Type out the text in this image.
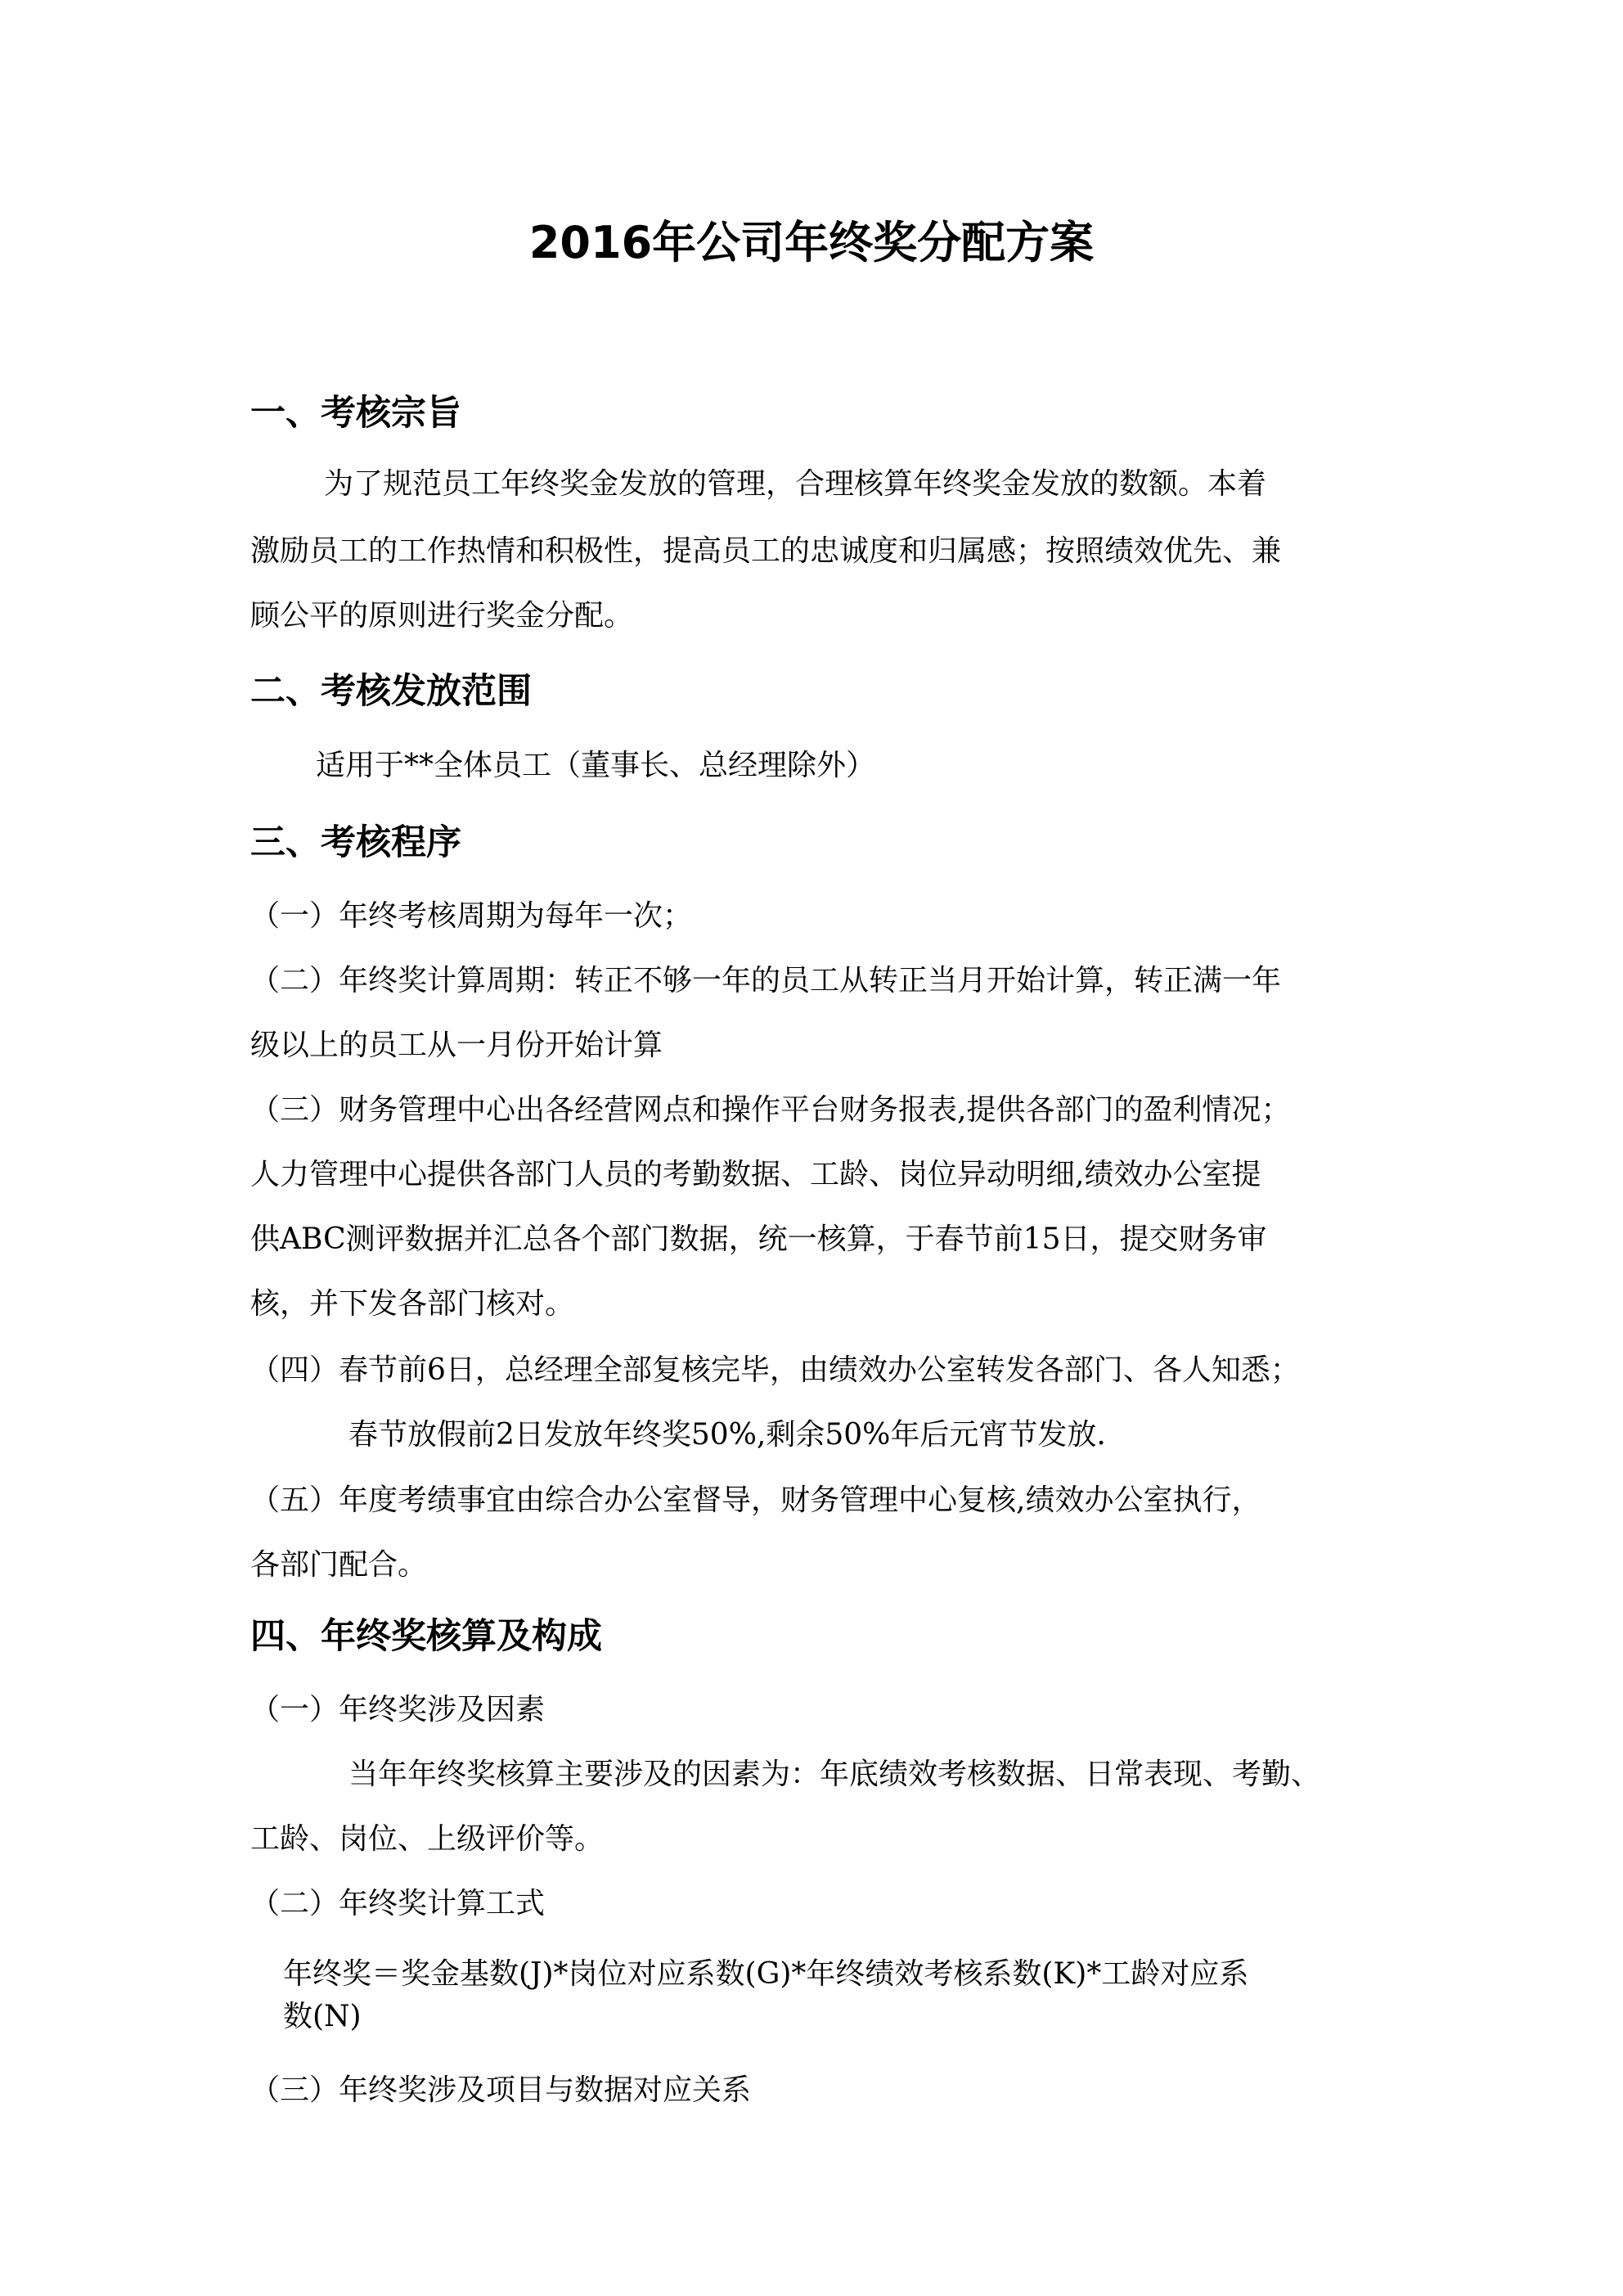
2016年公司年终奖分配方案
一、考核宗旨

为了规范员工年终奖金发放的管理，合理核算年终奖金发放的数额。本着

激励员工的工作热情和积极性，提高员工的忠诚度和归属感；按照绩效优先、兼

顾公平的原则进行奖金分配。

二、考核发放范围

适用于**全体员工（董事长、总经理除外）

三、考核程序

（一）年终考核周期为每年一次；

（二）年终奖计算周期：转正不够一年的员工从转正当月开始计算，转正满一年

级以上的员工从一月份开始计算

（三）财务管理中心出各经营网点和操作平台财务报表,提供各部门的盈利情况；

人力管理中心提供各部门人员的考勤数据、工龄、岗位异动明细,绩效办公室提

供ABC测评数据并汇总各个部门数据，统一核算，于春节前15日，提交财务审

核，并下发各部门核对。

（四）春节前6日，总经理全部复核完毕，由绩效办公室转发各部门、各人知悉；

春节放假前2日发放年终奖50%,剩余50%年后元宵节发放.

（五）年度考绩事宜由综合办公室督导，财务管理中心复核,绩效办公室执行，

各部门配合。

四、年终奖核算及构成

（一）年终奖涉及因素

当年年终奖核算主要涉及的因素为：年底绩效考核数据、日常表现、考勤、

工龄、岗位、上级评价等。

（二）年终奖计算工式

年终奖＝奖金基数(J)*岗位对应系数(G)*年终绩效考核系数(K)*工龄对应系

数(N)

（三）年终奖涉及项目与数据对应关系
